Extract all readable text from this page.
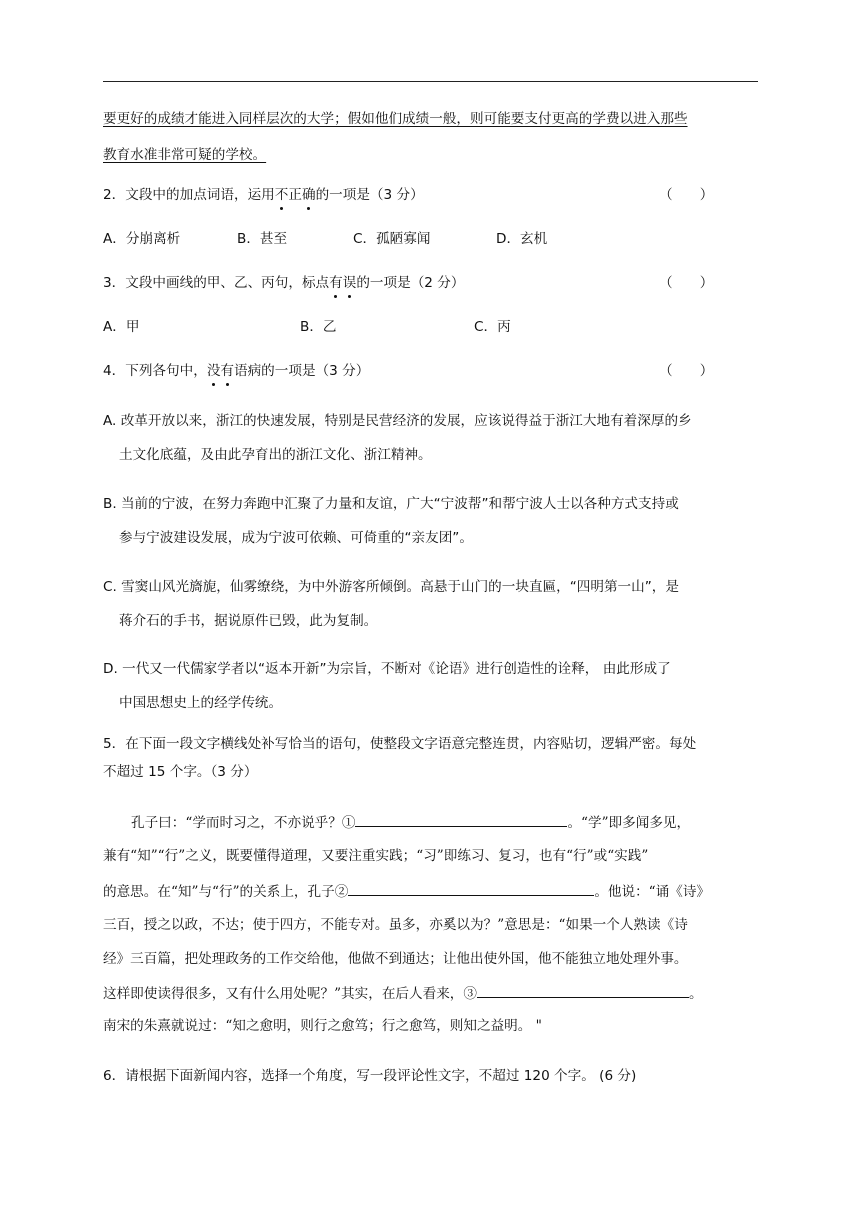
要更好的成绩才能进入同样层次的大学；假如他们成绩一般，则可能要支付更高的学费以进入那些
教育水准非常可疑的学校。
2．文段中的加点词语，运用不正确的一项是（3 分）	（　　）
A．分崩离析	B．甚至	C．孤陋寡闻	D．玄机
3．文段中画线的甲、乙、丙句，标点有误的一项是（2 分）	（　　）
A．甲	B．乙	C．丙
4．下列各句中，没有语病的一项是（3 分）	（　　）
A. 改革开放以来，浙江的快速发展，特别是民营经济的发展，应该说得益于浙江大地有着深厚的乡
土文化底蕴，及由此孕育出的浙江文化、浙江精神。
B. 当前的宁波，在努力奔跑中汇聚了力量和友谊，广大“宁波帮”和帮宁波人士以各种方式支持或
参与宁波建设发展，成为宁波可依赖、可倚重的“亲友团”。
C. 雪窦山风光旖旎，仙雾缭绕，为中外游客所倾倒。高悬于山门的一块直匾，“四明第一山”，是
蒋介石的手书，据说原件已毁，此为复制。
D. 一代又一代儒家学者以“返本开新”为宗旨，不断对《论语》进行创造性的诠释， 由此形成了
中国思想史上的经学传统。
5．在下面一段文字横线处补写恰当的语句，使整段文字语意完整连贯，内容贴切，逻辑严密。每处
不超过 15 个字。（3 分）
孔子曰：“学而时习之，不亦说乎？①	。“学”即多闻多见，
兼有“知”“行”之义，既要懂得道理，又要注重实践；“习”即练习、复习，也有“行”或“实践”
的意思。在“知”与“行”的关系上，孔子②	。他说：“诵《诗》
三百，授之以政，不达；使于四方，不能专对。虽多，亦奚以为？”意思是：“如果一个人熟读《诗
经》三百篇，把处理政务的工作交给他，他做不到通达；让他出使外国，他不能独立地处理外事。
这样即使读得很多，又有什么用处呢？”其实，在后人看来，③	。
南宋的朱熹就说过：“知之愈明，则行之愈笃；行之愈笃，则知之益明。 "
6．请根据下面新闻内容，选择一个角度，写一段评论性文字，不超过 120 个字。 (6 分)
